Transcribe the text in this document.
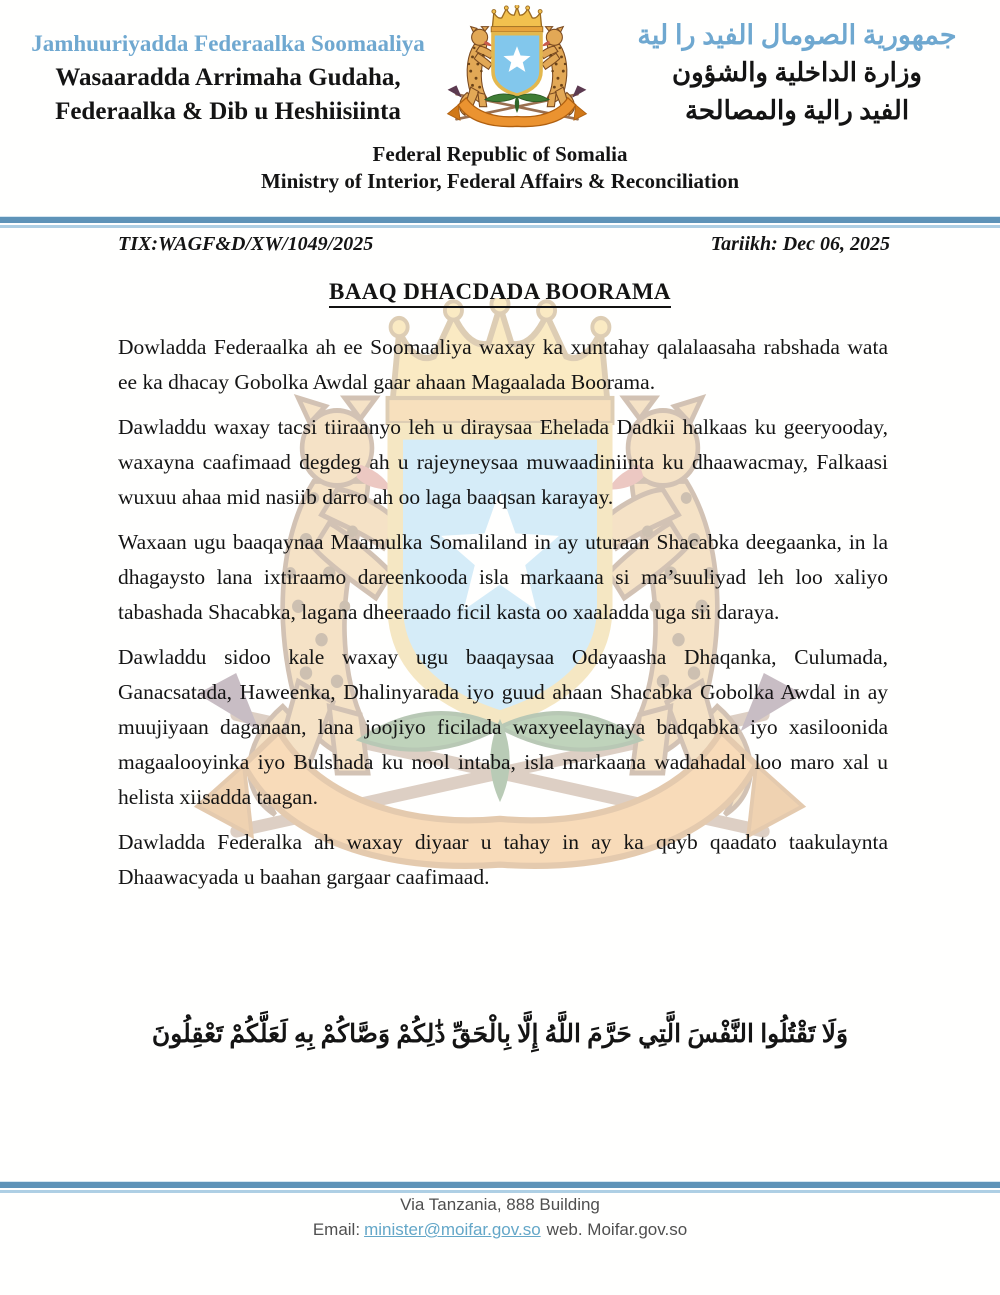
Jamhuuriyadda Federaalka Soomaaliya
Wasaaradda Arrimaha Gudaha,
Federaalka & Dib u Heshiisiinta
جمهورية الصومال الفيد را لية
وزارة الداخلية والشؤون
الفيد رالية والمصالحة
Federal Republic of Somalia
Ministry of Interior, Federal Affairs & Reconciliation
TIX:WAGF&D/XW/1049/2025	Tariikh: Dec 06, 2025
BAAQ DHACDADA BOORAMA

Dowladda Federaalka ah ee Soomaaliya waxay ka xuntahay qalalaasaha rabshada wata ee ka dhacay Gobolka Awdal gaar ahaan Magaalada Boorama.

Dawladdu waxay tacsi tiiraanyo leh u diraysaa Ehelada Dadkii halkaas ku geeryooday, waxayna caafimaad degdeg ah u rajeyneysaa muwaadiniinta ku dhaawacmay, Falkaasi wuxuu ahaa mid nasiib darro ah oo laga baaqsan karayay.

Waxaan ugu baaqaynaa Maamulka Somaliland in ay uturaan Shacabka deegaanka, in la dhagaysto lana ixtiraamo dareenkooda isla markaana si ma’suuliyad leh loo xaliyo tabashada Shacabka, lagana dheeraado ficil kasta oo xaaladda uga sii daraya.

Dawladdu sidoo kale waxay ugu baaqaysaa Odayaasha Dhaqanka, Culumada, Ganacsatada, Haweenka, Dhalinyarada iyo guud ahaan Shacabka Gobolka Awdal in ay muujiyaan daganaan, lana joojiyo ficilada waxyeelaynaya badqabka iyo xasiloonida magaalooyinka iyo Bulshada ku nool intaba, isla markaana wadahadal loo maro xal u helista xiisadda taagan.

Dawladda Federalka ah waxay diyaar u tahay in ay ka qayb qaadato taakulaynta Dhaawacyada u baahan gargaar caafimaad.

وَلَا تَقْتُلُوا النَّفْسَ الَّتِي حَرَّمَ اللَّهُ إِلَّا بِالْحَقِّ ذَٰلِكُمْ وَصَّاكُمْ بِهِ لَعَلَّكُمْ تَعْقِلُونَ
Via Tanzania, 888 Building
Email: minister@moifar.gov.so web. Moifar.gov.so
